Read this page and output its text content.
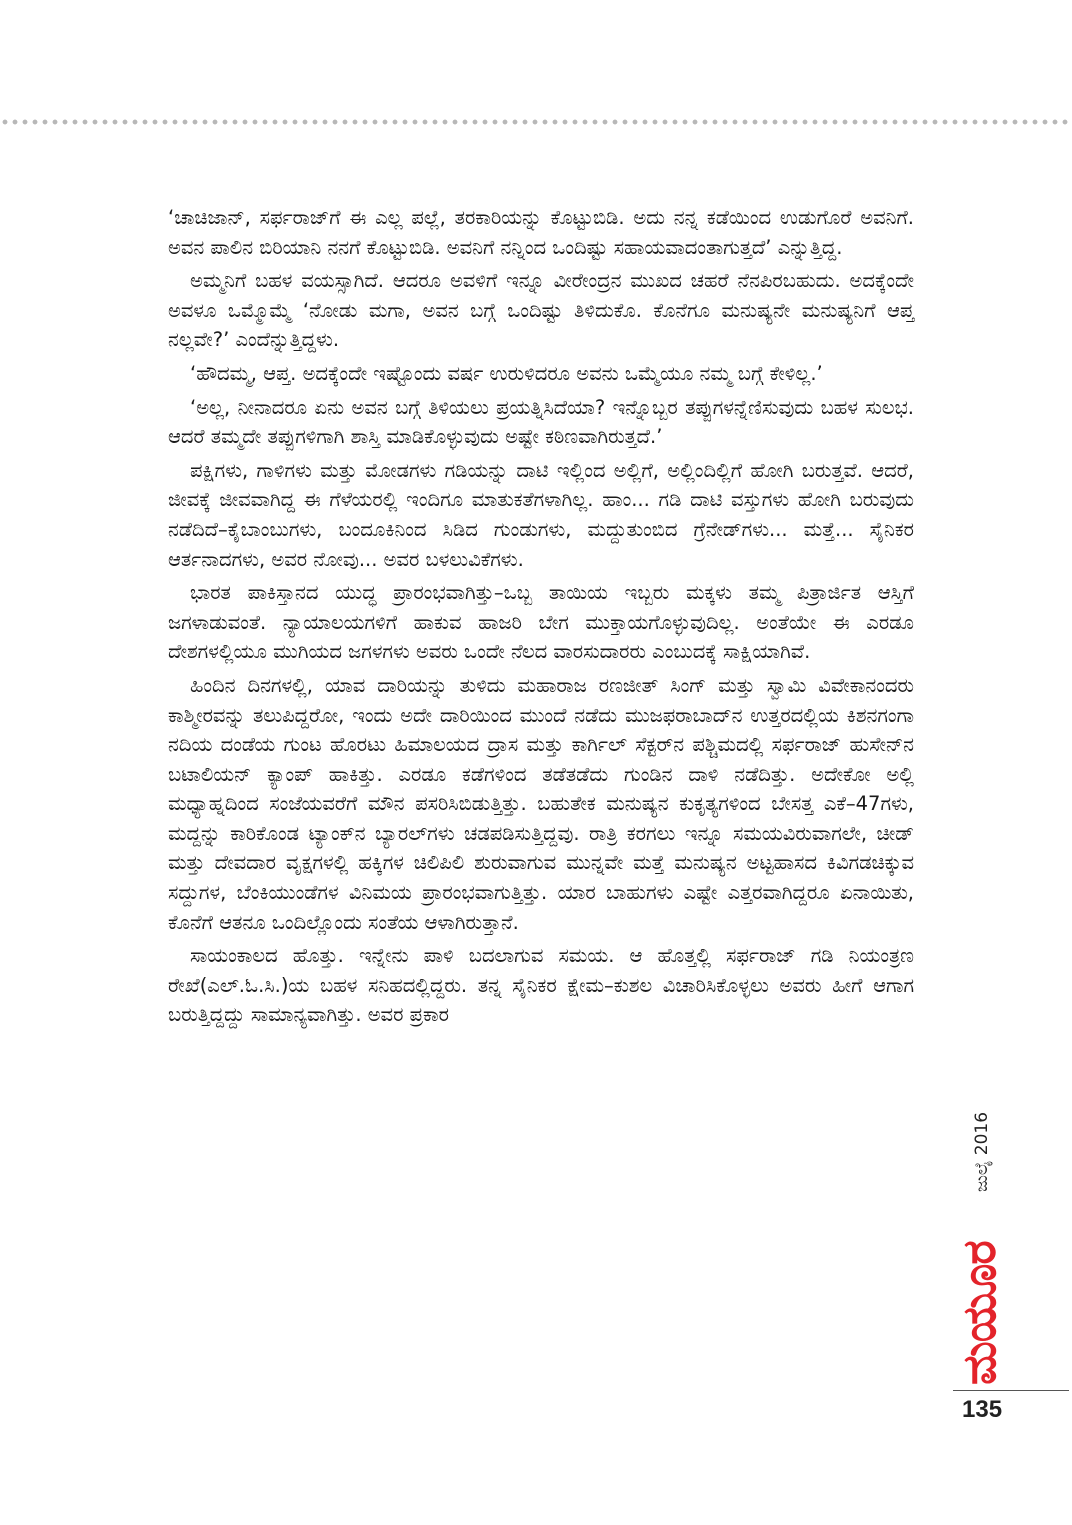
‘ಚಾಚಿಜಾನ್, ಸರ್ಫರಾಜ್‌ಗೆ ಈ ಎಲ್ಲ ಪಲ್ಲೆ, ತರಕಾರಿಯನ್ನು ಕೊಟ್ಟುಬಿಡಿ. ಅದು ನನ್ನ ಕಡೆಯಿಂದ ಉಡುಗೊರೆ ಅವನಿಗೆ. ಅವನ ಪಾಲಿನ ಬಿರಿಯಾನಿ ನನಗೆ ಕೊಟ್ಟುಬಿಡಿ. ಅವನಿಗೆ ನನ್ನಿಂದ ಒಂದಿಷ್ಟು ಸಹಾಯವಾದಂತಾಗುತ್ತದೆ’ ಎನ್ನುತ್ತಿದ್ದ.

ಅಮ್ಮನಿಗೆ ಬಹಳ ವಯಸ್ಸಾಗಿದೆ. ಆದರೂ ಅವಳಿಗೆ ಇನ್ನೂ ವೀರೇಂದ್ರನ ಮುಖದ ಚಹರೆ ನೆನಪಿರಬಹುದು. ಅದಕ್ಕೆಂದೇ ಅವಳೂ ಒಮ್ಮೊಮ್ಮೆ ‘ನೋಡು ಮಗಾ, ಅವನ ಬಗ್ಗೆ ಒಂದಿಷ್ಟು ತಿಳಿದುಕೊ. ಕೊನೆಗೂ ಮನುಷ್ಯನೇ ಮನುಷ್ಯನಿಗೆ ಆಪ್ತ ನಲ್ಲವೇ?’ ಎಂದೆನ್ನುತ್ತಿದ್ದಳು.

‘ಹೌದಮ್ಮ, ಆಪ್ತ. ಅದಕ್ಕೆಂದೇ ಇಷ್ಟೊಂದು ವರ್ಷ ಉರುಳಿದರೂ ಅವನು ಒಮ್ಮೆಯೂ ನಮ್ಮ ಬಗ್ಗೆ ಕೇಳಿಲ್ಲ.’

‘ಅಲ್ಲ, ನೀನಾದರೂ ಏನು ಅವನ ಬಗ್ಗೆ ತಿಳಿಯಲು ಪ್ರಯತ್ನಿಸಿದೆಯಾ? ಇನ್ನೊಬ್ಬರ ತಪ್ಪುಗಳನ್ನೆಣಿಸುವುದು ಬಹಳ ಸುಲಭ. ಆದರೆ ತಮ್ಮದೇ ತಪ್ಪುಗಳಿಗಾಗಿ ಶಾಸ್ತಿ ಮಾಡಿಕೊಳ್ಳುವುದು ಅಷ್ಟೇ ಕಠಿಣವಾಗಿರುತ್ತದೆ.’

ಪಕ್ಷಿಗಳು, ಗಾಳಿಗಳು ಮತ್ತು ಮೋಡಗಳು ಗಡಿಯನ್ನು ದಾಟಿ ಇಲ್ಲಿಂದ ಅಲ್ಲಿಗೆ, ಅಲ್ಲಿಂದಿಲ್ಲಿಗೆ ಹೋಗಿ ಬರುತ್ತವೆ. ಆದರೆ, ಜೀವಕ್ಕೆ ಜೀವವಾಗಿದ್ದ ಈ ಗೆಳೆಯರಲ್ಲಿ ಇಂದಿಗೂ ಮಾತುಕತೆಗಳಾಗಿಲ್ಲ. ಹಾಂ... ಗಡಿ ದಾಟಿ ವಸ್ತುಗಳು ಹೋಗಿ ಬರುವುದು ನಡೆದಿದೆ–ಕೈಬಾಂಬುಗಳು, ಬಂದೂಕಿನಿಂದ ಸಿಡಿದ ಗುಂಡುಗಳು, ಮದ್ದುತುಂಬಿದ ಗ್ರೆನೇಡ್‌ಗಳು... ಮತ್ತೆ... ಸೈನಿಕರ ಆರ್ತನಾದಗಳು, ಅವರ ನೋವು... ಅವರ ಬಳಲುವಿಕೆಗಳು.

ಭಾರತ ಪಾಕಿಸ್ತಾನದ ಯುದ್ಧ ಪ್ರಾರಂಭವಾಗಿತ್ತು–ಒಬ್ಬ ತಾಯಿಯ ಇಬ್ಬರು ಮಕ್ಕಳು ತಮ್ಮ ಪಿತ್ರಾರ್ಜಿತ ಆಸ್ತಿಗೆ ಜಗಳಾಡುವಂತೆ. ನ್ಯಾಯಾಲಯಗಳಿಗೆ ಹಾಕುವ ಹಾಜರಿ ಬೇಗ ಮುಕ್ತಾಯಗೊಳ್ಳುವುದಿಲ್ಲ. ಅಂತೆಯೇ ಈ ಎರಡೂ ದೇಶಗಳಲ್ಲಿಯೂ ಮುಗಿಯದ ಜಗಳಗಳು ಅವರು ಒಂದೇ ನೆಲದ ವಾರಸುದಾರರು ಎಂಬುದಕ್ಕೆ ಸಾಕ್ಷಿಯಾಗಿವೆ.

ಹಿಂದಿನ ದಿನಗಳಲ್ಲಿ, ಯಾವ ದಾರಿಯನ್ನು ತುಳಿದು ಮಹಾರಾಜ ರಣಜೀತ್ ಸಿಂಗ್ ಮತ್ತು ಸ್ವಾಮಿ ವಿವೇಕಾನಂದರು ಕಾಶ್ಮೀರವನ್ನು ತಲುಪಿದ್ದರೋ, ಇಂದು ಅದೇ ದಾರಿಯಿಂದ ಮುಂದೆ ನಡೆದು ಮುಜಫರಾಬಾದ್‌ನ ಉತ್ತರದಲ್ಲಿಯ ಕಿಶನಗಂಗಾ ನದಿಯ ದಂಡೆಯ ಗುಂಟ ಹೊರಟು ಹಿಮಾಲಯದ ದ್ರಾಸ ಮತ್ತು ಕಾರ್ಗಿಲ್ ಸೆಕ್ಟರ್‌ನ ಪಶ್ಚಿಮದಲ್ಲಿ ಸರ್ಫರಾಜ್ ಹುಸೇನ್‌ನ ಬಟಾಲಿಯನ್ ಕ್ಯಾಂಪ್ ಹಾಕಿತ್ತು. ಎರಡೂ ಕಡೆಗಳಿಂದ ತಡೆತಡೆದು ಗುಂಡಿನ ದಾಳಿ ನಡೆದಿತ್ತು. ಅದೇಕೋ ಅಲ್ಲಿ ಮಧ್ಯಾಹ್ನದಿಂದ ಸಂಜೆಯವರೆಗೆ ಮೌನ ಪಸರಿಸಿಬಿಡುತ್ತಿತ್ತು. ಬಹುತೇಕ ಮನುಷ್ಯನ ಕುಕೃತ್ಯಗಳಿಂದ ಬೇಸತ್ತ ಎಕೆ–47ಗಳು, ಮದ್ದನ್ನು ಕಾರಿಕೊಂಡ ಟ್ಯಾಂಕ್‌ನ ಬ್ಯಾರಲ್‌ಗಳು ಚಡಪಡಿಸುತ್ತಿದ್ದವು. ರಾತ್ರಿ ಕರಗಲು ಇನ್ನೂ ಸಮಯವಿರುವಾಗಲೇ, ಚೀಡ್ ಮತ್ತು ದೇವದಾರ ವೃಕ್ಷಗಳಲ್ಲಿ ಹಕ್ಕಿಗಳ ಚಿಲಿಪಿಲಿ ಶುರುವಾಗುವ ಮುನ್ನವೇ ಮತ್ತೆ ಮನುಷ್ಯನ ಅಟ್ಟಹಾಸದ ಕಿವಿಗಡಚಿಕ್ಕುವ ಸದ್ದುಗಳ, ಬೆಂಕಿಯುಂಡೆಗಳ ವಿನಿಮಯ ಪ್ರಾರಂಭವಾಗುತ್ತಿತ್ತು. ಯಾರ ಬಾಹುಗಳು ಎಷ್ಟೇ ಎತ್ತರವಾಗಿದ್ದರೂ ಏನಾಯಿತು, ಕೊನೆಗೆ ಆತನೂ ಒಂದಿಲ್ಲೊಂದು ಸಂತೆಯ ಆಳಾಗಿರುತ್ತಾನೆ.

ಸಾಯಂಕಾಲದ ಹೊತ್ತು. ಇನ್ನೇನು ಪಾಳಿ ಬದಲಾಗುವ ಸಮಯ. ಆ ಹೊತ್ತಲ್ಲಿ ಸರ್ಫರಾಜ್ ಗಡಿ ನಿಯಂತ್ರಣ ರೇಖೆ(ಎಲ್.ಓ.ಸಿ.)ಯ ಬಹಳ ಸನಿಹದಲ್ಲಿದ್ದರು. ತನ್ನ ಸೈನಿಕರ ಕ್ಷೇಮ–ಕುಶಲ ವಿಚಾರಿಸಿಕೊಳ್ಳಲು ಅವರು ಹೀಗೆ ಆಗಾಗ ಬರುತ್ತಿದ್ದದ್ದು ಸಾಮಾನ್ಯವಾಗಿತ್ತು. ಅವರ ಪ್ರಕಾರ

ಜುಲೈ 2016
ಮಯೂರ
135
